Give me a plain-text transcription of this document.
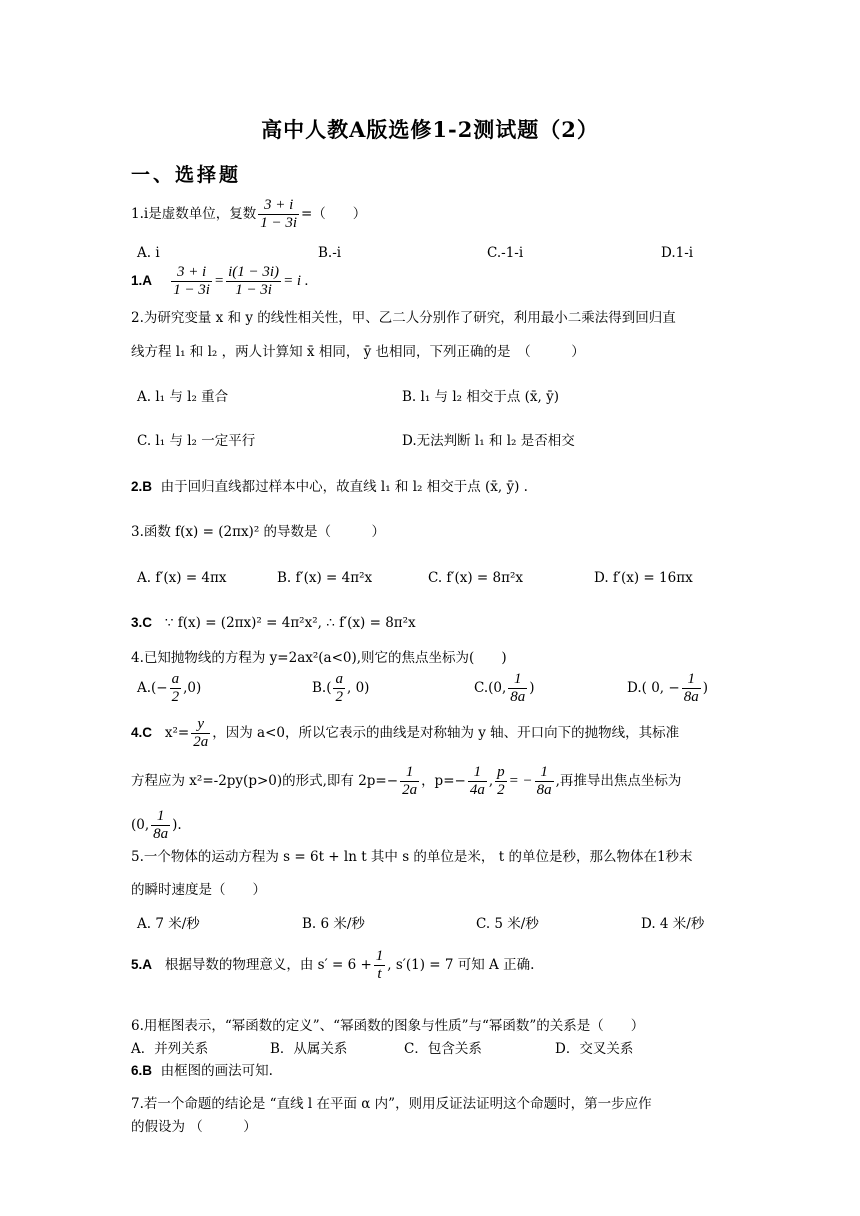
高中人教A版选修1-2测试题（2）
一、选择题
1.i是虚数单位，复数 $\frac{3 + i}{1 - 3i}$ =（　　）
A. i	B.-i	C.-1-i	D.1-i
$1.A \frac{3 + i}{1 - 3i} = \frac{i(1 - 3i)}{1 - 3i} = i$ .
2.为研究变量 x 和 y 的线性相关性，甲、乙二人分别作了研究，利用最小二乘法得到回归直
线方程 l₁ 和 l₂ ，两人计算知 x̄ 相同， ȳ 也相同，下列正确的是　（　　　）
A. l₁ 与 l₂ 重合	B. l₁ 与 l₂ 相交于点 (x̄, ȳ)
C. l₁ 与 l₂ 一定平行	D.无法判断 l₁ 和 l₂ 是否相交
2.B 由于回归直线都过样本中心，故直线 l₁ 和 l₂ 相交于点 (x̄, ȳ) .
3.函数 f(x) = (2πx)² 的导数是（　　　）
A. f′(x) = 4πx	B. f′(x) = 4π²x	C. f′(x) = 8π²x	D. f′(x) = 16πx
3.C ∵ f(x) = (2πx)² = 4π²x², ∴ f′(x) = 8π²x
4.已知抛物线的方程为 y=2ax²(a<0),则它的焦点坐标为(　　)
$A.(- \frac{a}{2} ,0)$	$B.( \frac{a}{2}$ , 0)	C.(0, $\frac{1}{8a}$ )	D.( 0, − $\frac{1}{8a}$ )
4.C $x^2= \frac{y}{2a}$ ，因为 a<0，所以它表示的曲线是对称轴为 y 轴、开口向下的抛物线，其标准
方程应为 x²=-2py(p>0)的形式,即有 $2p=- \frac{1}{2a}$ ，$p=- \frac{1}{4a}$ , $\frac{p}{2}$ = − $\frac{1}{8a}$ ,再推导出焦点坐标为
(0, $\frac{1}{8a}$ ).
5.一个物体的运动方程为 s = 6t + ln t 其中 s 的单位是米， t 的单位是秒，那么物体在1秒末
的瞬时速度是（　　）
A. 7 米/秒	B. 6 米/秒	C. 5 米/秒	D. 4 米/秒
5.A 根据导数的物理意义，由 $s' = 6 + \frac{1}{t}$ , s′(1) = 7 可知 A 正确.
6.用框图表示，“幂函数的定义”、“幂函数的图象与性质”与“幂函数”的关系是（　　）
A．并列关系	B．从属关系	C．包含关系	D．交叉关系
6.B 由框图的画法可知.
7.若一个命题的结论是 “直线 l 在平面 α 内”，则用反证法证明这个命题时，第一步应作
的假设为 （　　　）
